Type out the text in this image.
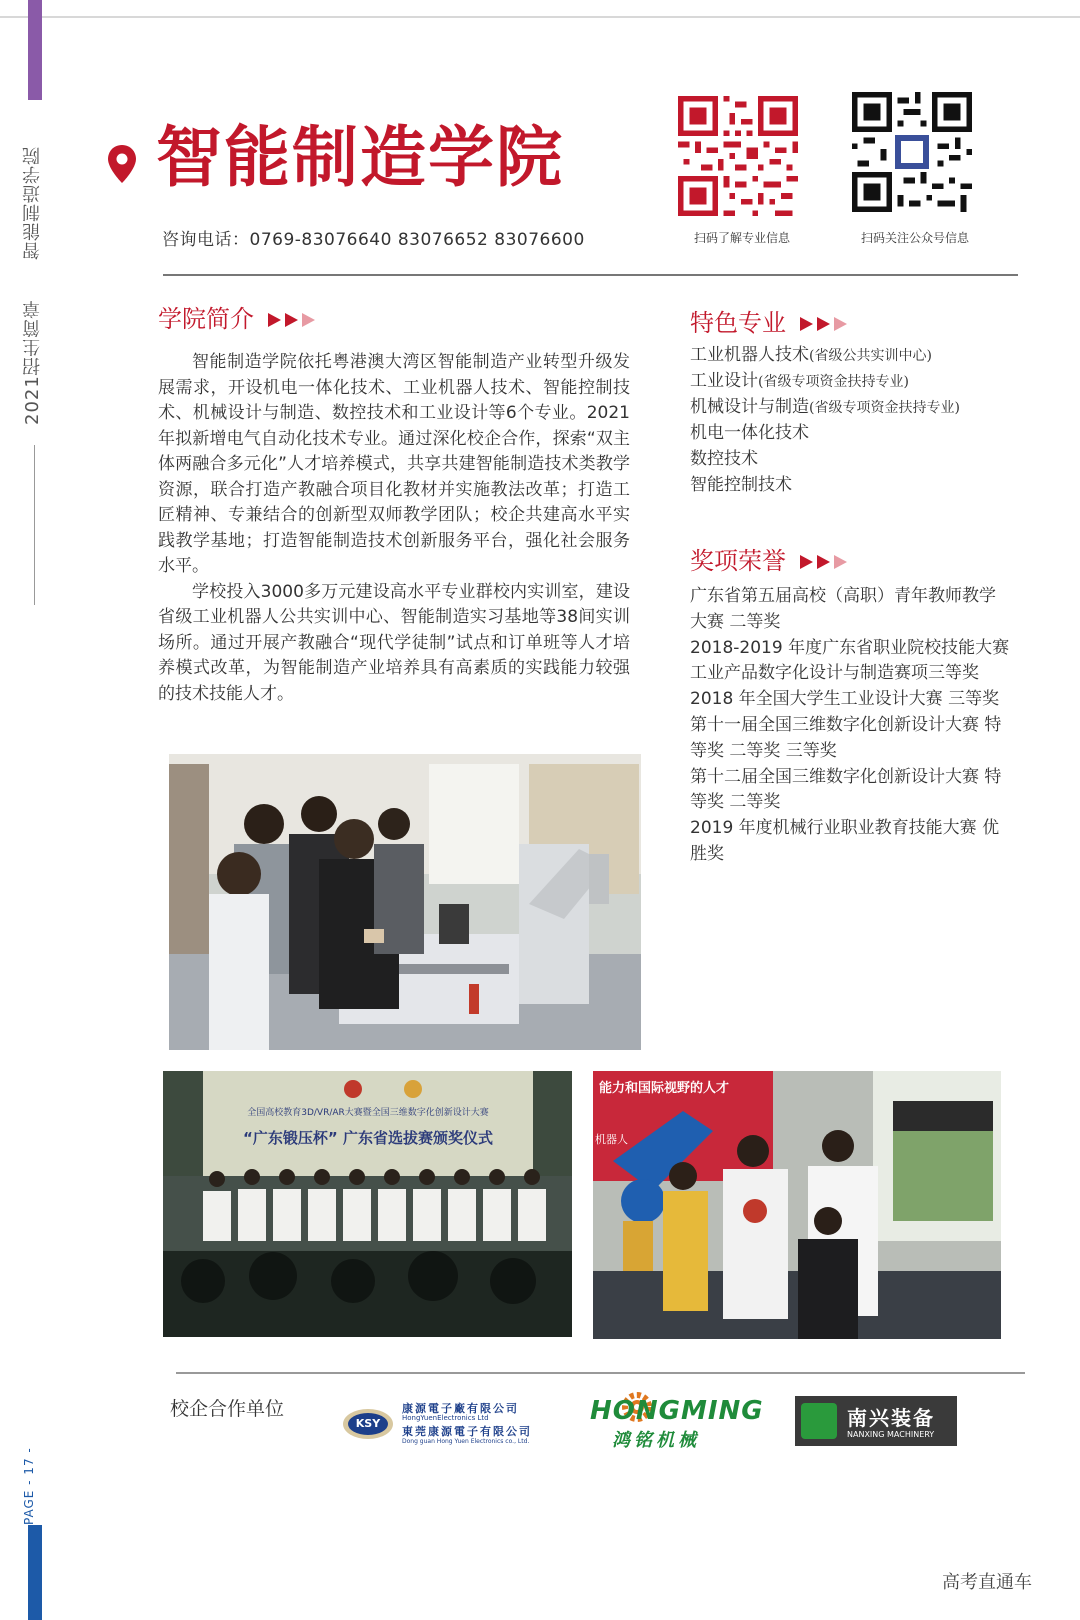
智能制造学院
2021招生简章
PAGE - 17 -
智能制造学院
咨询电话：0769-83076640 83076652 83076600	扫码了解专业信息	扫码关注公众号信息
学院简介

智能制造学院依托粤港澳大湾区智能制造产业转型升级发展需求，开设机电一体化技术、工业机器人技术、智能控制技术、机械设计与制造、数控技术和工业设计等6个专业。2021年拟新增电气自动化技术专业。通过深化校企合作，探索“双主体两融合多元化”人才培养模式，共享共建智能制造技术类教学资源，联合打造产教融合项目化教材并实施教法改革；打造工匠精神、专兼结合的创新型双师教学团队；校企共建高水平实践教学基地；打造智能制造技术创新服务平台，强化社会服务水平。

学校投入3000多万元建设高水平专业群校内实训室，建设省级工业机器人公共实训中心、智能制造实习基地等38间实训场所。通过开展产教融合“现代学徒制”试点和订单班等人才培养模式改革，为智能制造产业培养具有高素质的实践能力较强的技术技能人才。

特色专业
工业机器人技术(省级公共实训中心)
工业设计(省级专项资金扶持专业)
机械设计与制造(省级专项资金扶持专业)
机电一体化技术
数控技术
智能控制技术
奖项荣誉
广东省第五届高校（高职）青年教师教学大赛 二等奖
2018-2019 年度广东省职业院校技能大赛工业产品数字化设计与制造赛项三等奖
2018 年全国大学生工业设计大赛 三等奖
第十一届全国三维数字化创新设计大赛 特等奖 二等奖 三等奖
第十二届全国三维数字化创新设计大赛 特等奖 二等奖
2019 年度机械行业职业教育技能大赛 优胜奖
全国高校教育3D/VR/AR大赛暨全国三维数字化创新设计大赛
“广东锻压杯” 广东省选拔赛颁奖仪式
能力和国际视野的人才
机器人
校企合作单位
KSY
康源電子廠有限公司
HongYuenElectronics Ltd
東莞康源電子有限公司
Dong guan Hong Yuen Electronics co., Ltd.
HONGMING
鸿铭机械
南兴装备
NANXING MACHINERY
高考直通车
